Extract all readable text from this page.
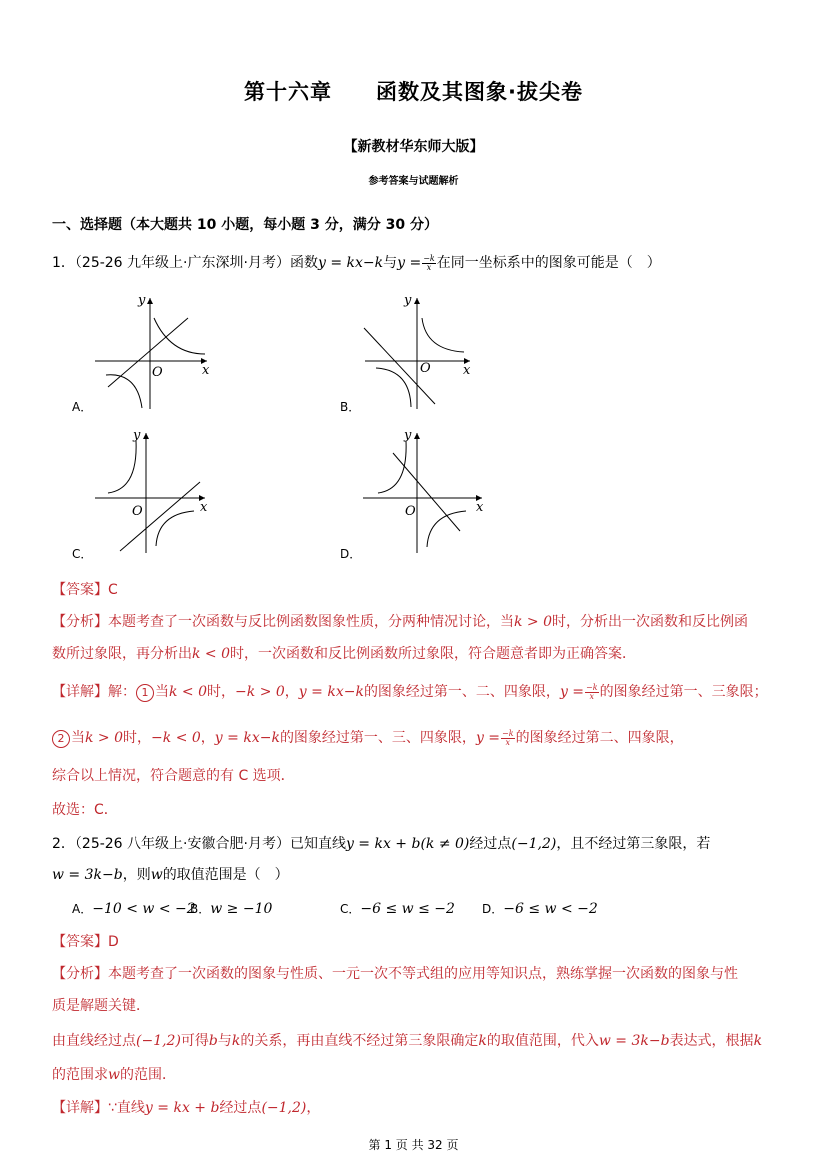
第十六章 函数及其图象·拔尖卷
【新教材华东师大版】
参考答案与试题解析
一、选择题（本大题共 10 小题，每小题 3 分，满分 30 分）
1．（25-26 九年级上·广东深圳·月考）函数y = kx−k与$y = \frac{-k}{x}$ 在同一坐标系中的图象可能是（　）
y
x
O
A．
y
x
O
B．
y
x
O
C．
y
x
O
D．
【答案】C
【分析】本题考查了一次函数与反比例函数图象性质，分两种情况讨论，当k > 0时，分析出一次函数和反比例函
数所过象限，再分析出k < 0时，一次函数和反比例函数所过象限，符合题意者即为正确答案．
【详解】解： 1 当k < 0时，−k > 0，y = kx−k的图象经过第一、二、四象限，$y = \frac{-k}{x}$ 的图象经过第一、三象限；
2 当k > 0时，−k < 0，y = kx−k的图象经过第一、三、四象限，$y = \frac{-k}{x}$ 的图象经过第二、四象限，
综合以上情况，符合题意的有 C 选项．
故选：C．
2．（25-26 八年级上·安徽合肥·月考）已知直线y = kx + b(k ≠ 0)经过点(−1,2)，且不经过第三象限，若
w = 3k−b，则w的取值范围是（　）
A．−10 < w < −2
B．w ≥ −10	C．−6 ≤ w ≤ −2 D．−6 ≤ w < −2
【答案】D
【分析】本题考查了一次函数的图象与性质、一元一次不等式组的应用等知识点，熟练掌握一次函数的图象与性
质是解题关键．
由直线经过点(−1,2)可得b与k的关系，再由直线不经过第三象限确定k的取值范围，代入w = 3k−b表达式，根据k
的范围求w的范围．
【详解】∵直线y = kx + b经过点(−1,2)，
第 1 页 共 32 页
